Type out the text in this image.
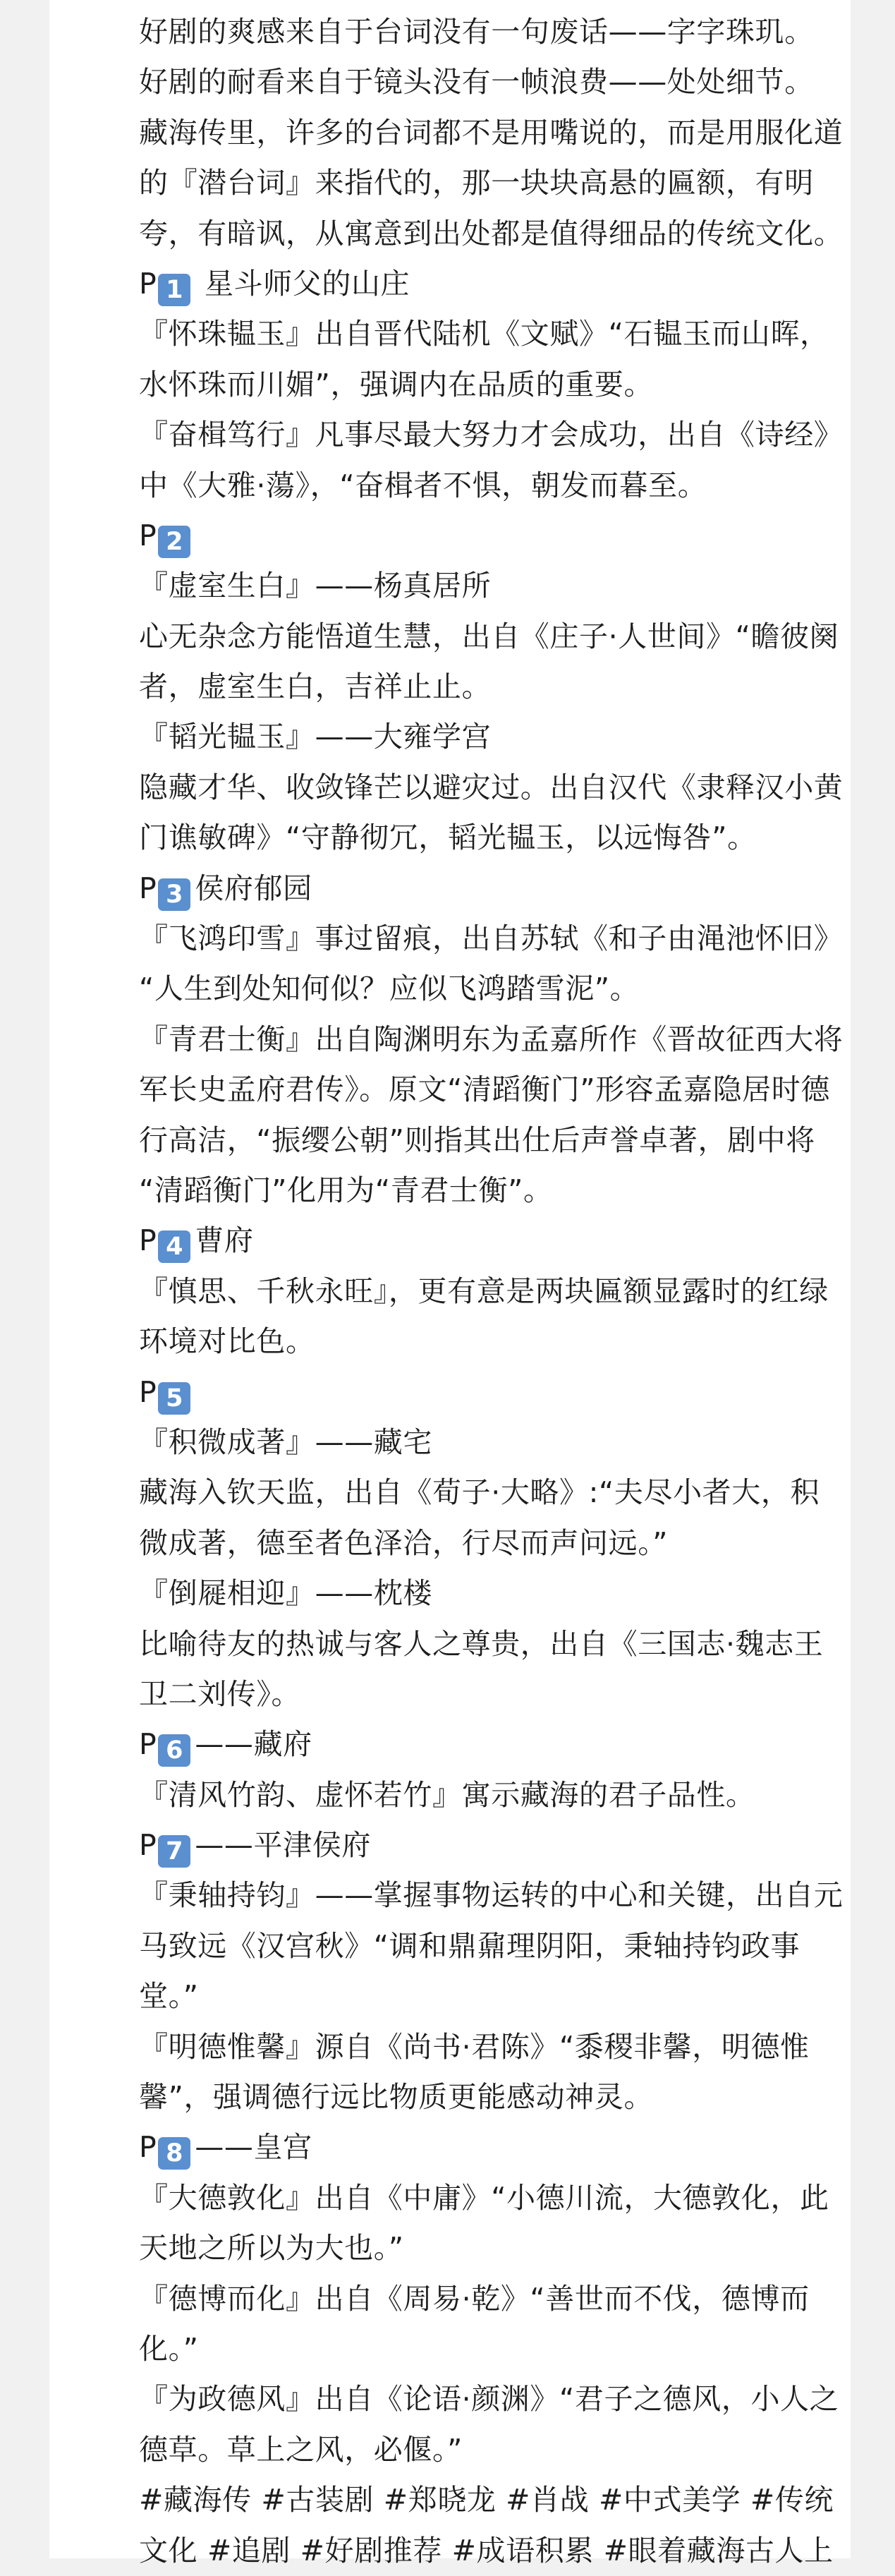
好剧的爽感来自于台词没有一句废话——字字珠玑。
好剧的耐看来自于镜头没有一帧浪费——处处细节。
藏海传里，许多的台词都不是用嘴说的，而是用服化道
的『潜台词』来指代的，那一块块高悬的匾额，有明
夸，有暗讽，从寓意到出处都是值得细品的传统文化。
P 1 星斗师父的山庄
『怀珠韫玉』出自晋代陆机《文赋》“石韫玉而山晖，
水怀珠而川媚”，强调内在品质的重要。
『奋楫笃行』凡事尽最大努力才会成功，出自《诗经》
中《大雅·蕩》，“奋楫者不惧，朝发而暮至。
P 2
『虚室生白』——杨真居所
心无杂念方能悟道生慧，出自《庄子·人世间》“瞻彼阕
者，虚室生白，吉祥止止。
『韬光韫玉』——大雍学宫
隐藏才华、收敛锋芒以避灾过。出自汉代《隶释汉小黄
门谯敏碑》“守静彻冗，韬光韫玉，以远悔咎”。
P 3 侯府郁园
『飞鸿印雪』事过留痕，出自苏轼《和子由渑池怀旧》
“人生到处知何似？应似飞鸿踏雪泥”。
『青君士衡』出自陶渊明东为孟嘉所作《晋故征西大将
军长史孟府君传》。原文“清蹈衡门”形容孟嘉隐居时德
行高洁，“振缨公朝”则指其出仕后声誉卓著，剧中将
“清蹈衡门”化用为“青君士衡”。
P 4 曹府
『慎思、千秋永旺』，更有意是两块匾额显露时的红绿
环境对比色。
P 5
『积微成著』——藏宅
藏海入钦天监，出自《荀子·大略》:“夫尽小者大，积
微成著，德至者色泽洽，行尽而声问远。”
『倒屣相迎』——枕楼
比喻待友的热诚与客人之尊贵，出自《三国志·魏志王
卫二刘传》。
P 6 ——藏府
『清风竹韵、虚怀若竹』寓示藏海的君子品性。
P 7 ——平津侯府
『秉轴持钧』——掌握事物运转的中心和关键，出自元
马致远《汉宫秋》“调和鼎鼐理阴阳，秉轴持钧政事
堂。”
『明德惟馨』源自《尚书·君陈》“黍稷非馨，明德惟
馨”，强调德行远比物质更能感动神灵。
P 8 ——皇宫
『大德敦化』出自《中庸》“小德川流，大德敦化，此
天地之所以为大也。”
『德博而化』出自《周易·乾》“善世而不伐，德博而
化。”
『为政德风』出自《论语·颜渊》“君子之德风，小人之
德草。草上之风，必偃。”
#藏海传 #古装剧 #郑晓龙 #肖战 #中式美学 #传统
文化 #追剧 #好剧推荐 #成语积累 #眼着藏海古人上
